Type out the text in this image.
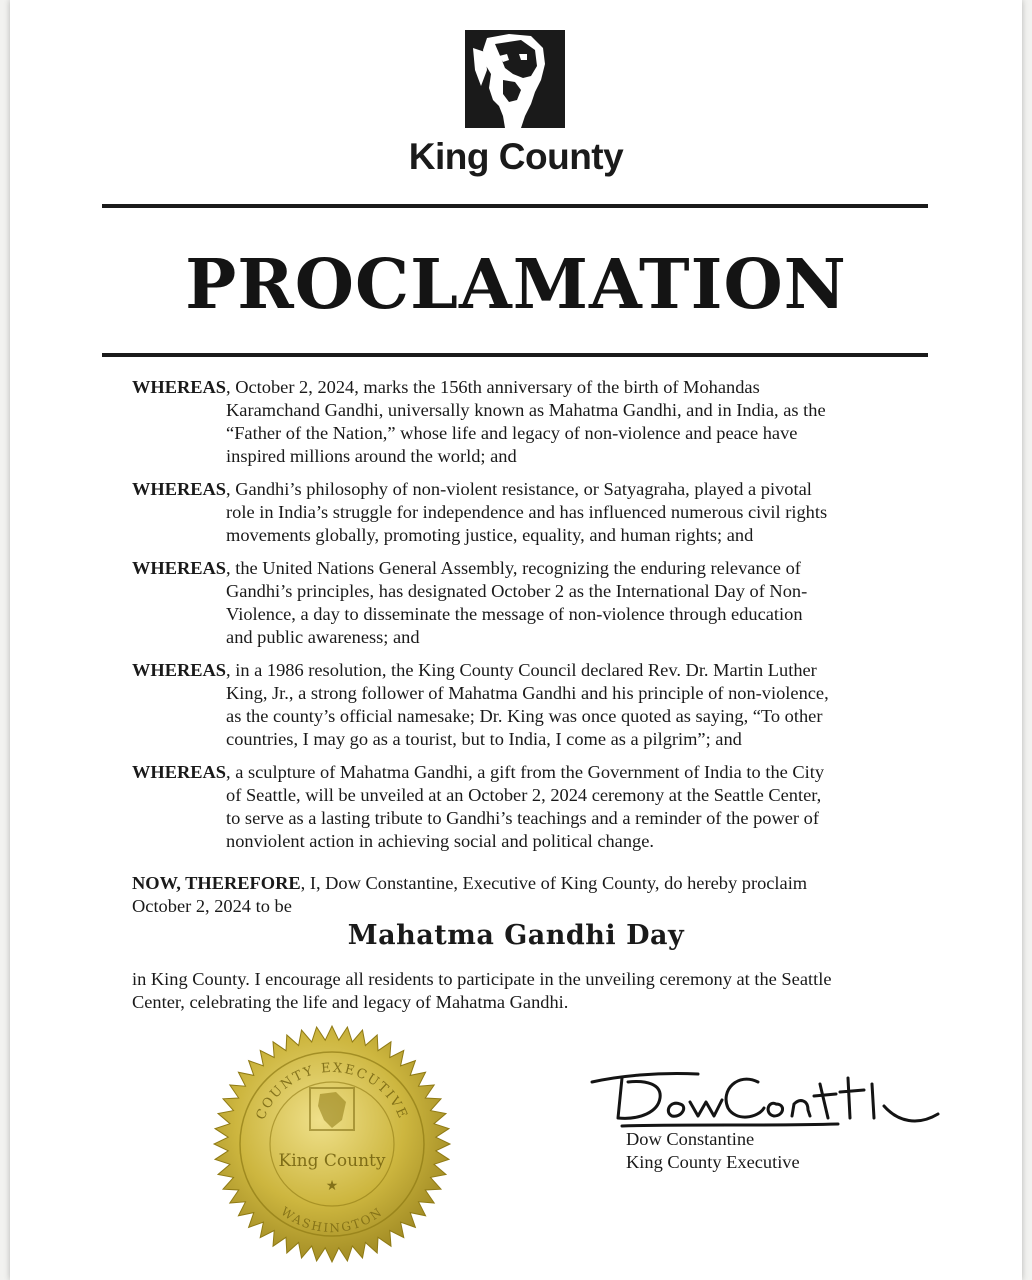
King County
PROCLAMATION
WHEREAS , October 2, 2024, marks the 156th anniversary of the birth of Mohandas
Karamchand Gandhi, universally known as Mahatma Gandhi, and in India, as the
“Father of the Nation,” whose life and legacy of non-violence and peace have
inspired millions around the world; and
WHEREAS , Gandhi’s philosophy of non-violent resistance, or Satyagraha, played a pivotal
role in India’s struggle for independence and has influenced numerous civil rights
movements globally, promoting justice, equality, and human rights; and
WHEREAS , the United Nations General Assembly, recognizing the enduring relevance of
Gandhi’s principles, has designated October 2 as the International Day of Non-
Violence, a day to disseminate the message of non-violence through education
and public awareness; and
WHEREAS , in a 1986 resolution, the King County Council declared Rev. Dr. Martin Luther
King, Jr., a strong follower of Mahatma Gandhi and his principle of non-violence,
as the county’s official namesake; Dr. King was once quoted as saying, “To other
countries, I may go as a tourist, but to India, I come as a pilgrim”; and
WHEREAS , a sculpture of Mahatma Gandhi, a gift from the Government of India to the City
of Seattle, will be unveiled at an October 2, 2024 ceremony at the Seattle Center,
to serve as a lasting tribute to Gandhi’s teachings and a reminder of the power of
nonviolent action in achieving social and political change.
NOW, THEREFORE, I, Dow Constantine, Executive of King County, do hereby proclaim
October 2, 2024 to be
Mahatma Gandhi Day
in King County. I encourage all residents to participate in the unveiling ceremony at the Seattle
Center, celebrating the life and legacy of Mahatma Gandhi.
COUNTY EXECUTIVE
King County
★
WASHINGTON
Dow Constantine
King County Executive
